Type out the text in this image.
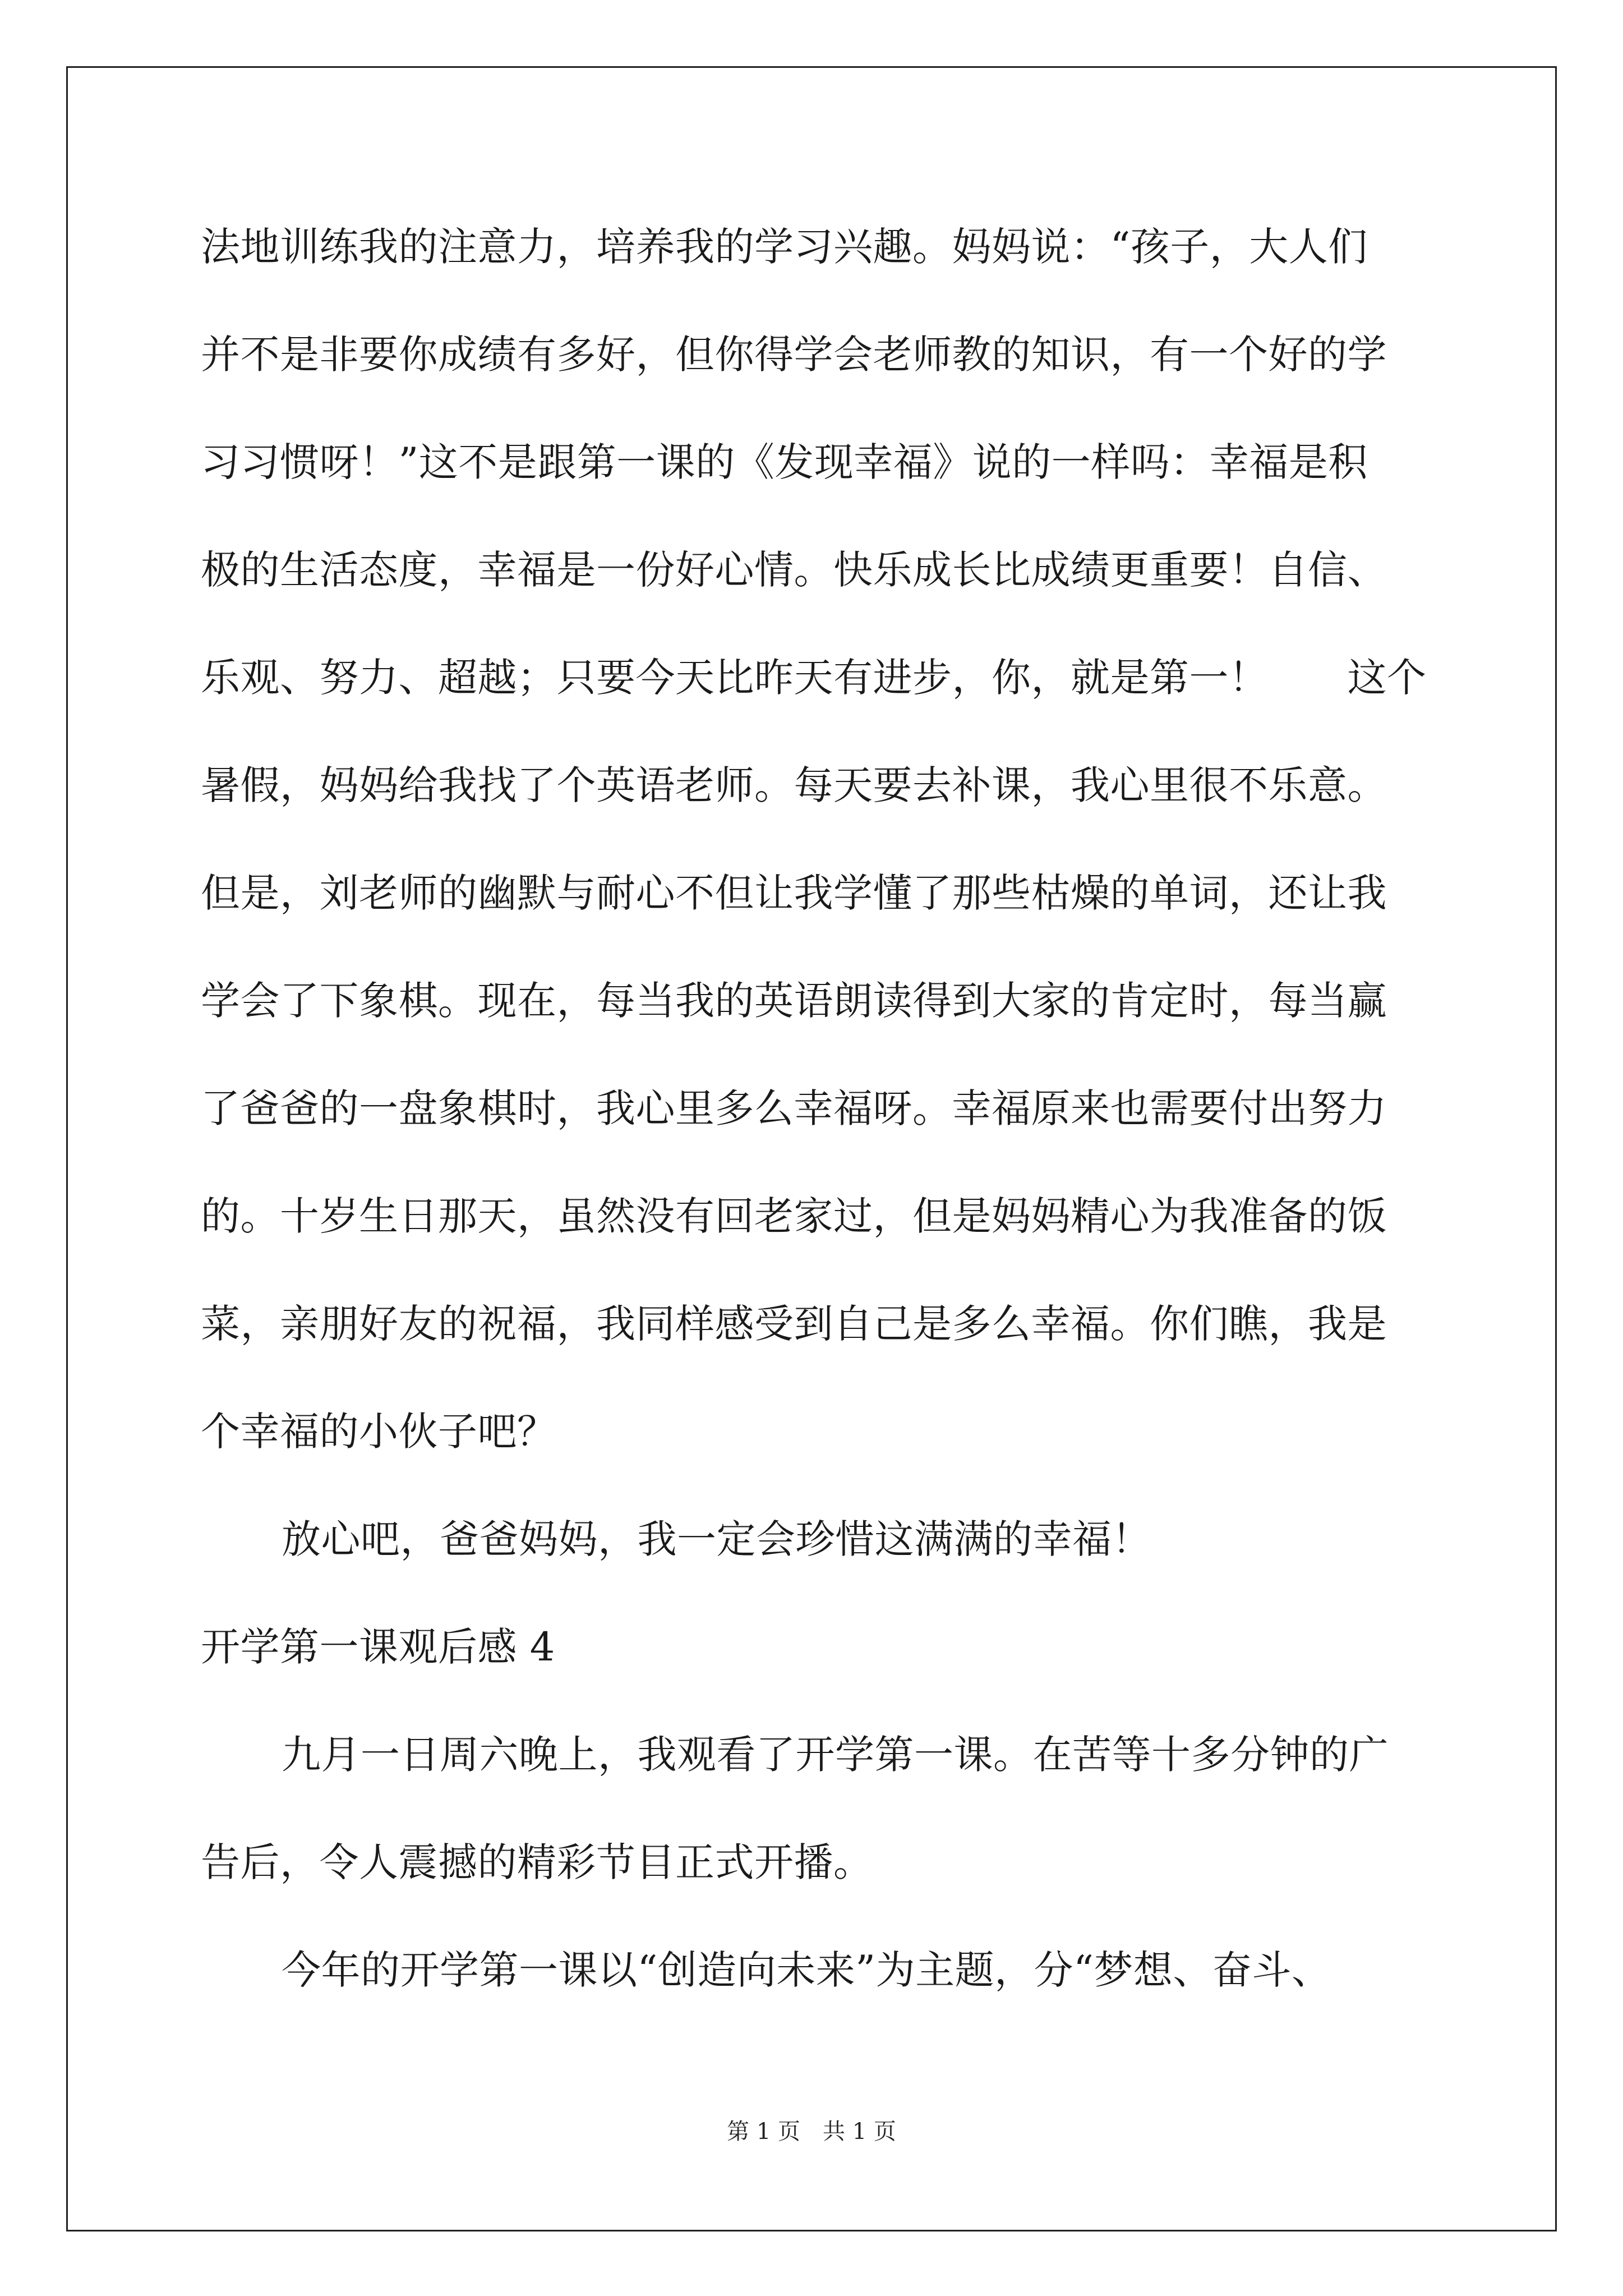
法地训练我的注意力，培养我的学习兴趣。妈妈说：“孩子，大人们
并不是非要你成绩有多好，但你得学会老师教的知识，有一个好的学
习习惯呀！”这不是跟第一课的《发现幸福》说的一样吗：幸福是积
极的生活态度，幸福是一份好心情。快乐成长比成绩更重要！自信、
乐观、努力、超越；只要今天比昨天有进步，你，就是第一！　　这个
暑假，妈妈给我找了个英语老师。每天要去补课，我心里很不乐意。
但是，刘老师的幽默与耐心不但让我学懂了那些枯燥的单词，还让我
学会了下象棋。现在，每当我的英语朗读得到大家的肯定时，每当赢
了爸爸的一盘象棋时，我心里多么幸福呀。幸福原来也需要付出努力
的。十岁生日那天，虽然没有回老家过，但是妈妈精心为我准备的饭
菜，亲朋好友的祝福，我同样感受到自己是多么幸福。你们瞧，我是
个幸福的小伙子吧？
放心吧，爸爸妈妈，我一定会珍惜这满满的幸福！
开学第一课观后感 4
九月一日周六晚上，我观看了开学第一课。在苦等十多分钟的广
告后，令人震撼的精彩节目正式开播。
今年的开学第一课以“创造向未来”为主题，分“梦想、奋斗、
第 1 页　共 1 页
